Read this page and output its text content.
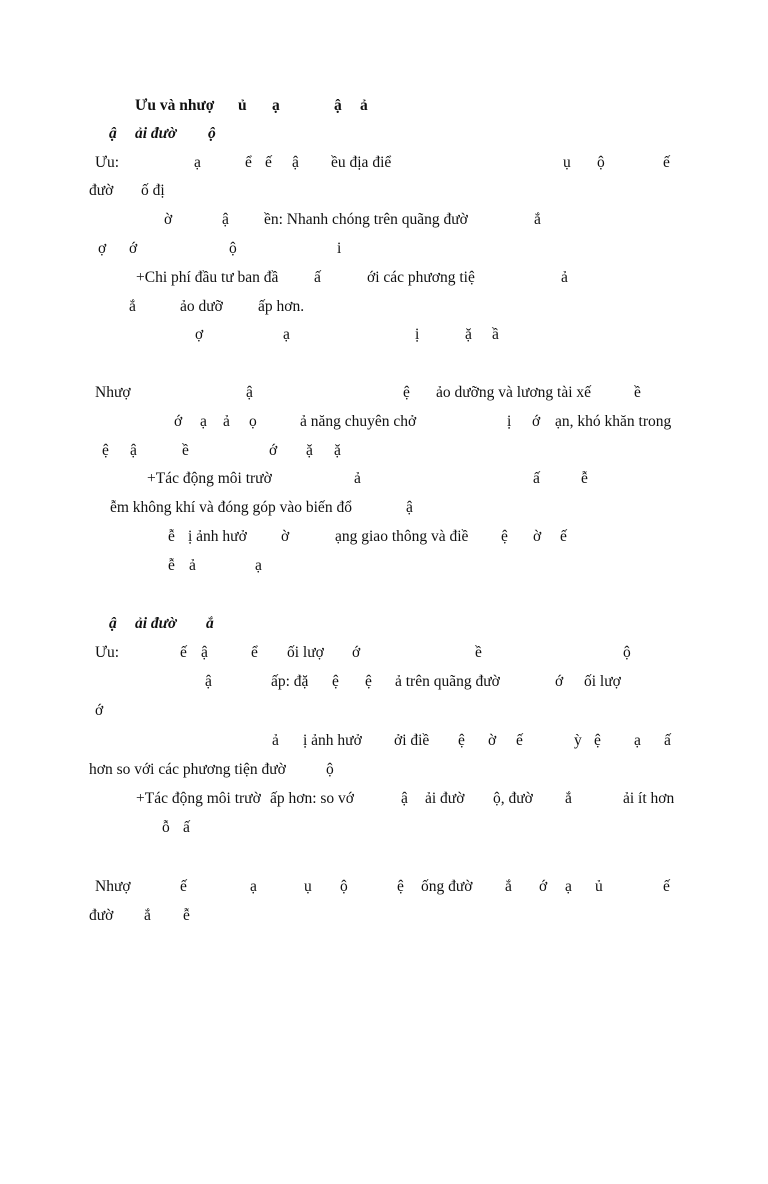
Ưu và nhượ

ủ

ạ

	ậ

ả

ậ

ải đườ

ộ

Ưu:

	ạ

	ể

ế

ậ

ều địa điể

	ụ

ộ

	ế

đườ

ố đị

ờ

	ậ

ền: Nhanh chóng trên quãng đườ

	ắ

ợ

ớ

	ộ

	i

+Chi phí đầu tư ban đầ

ấ

	ới các phương tiệ

	ả

ắ

	ảo dưỡ

ấp hơn.

ợ

	ạ

	ị

	ặ

ầ

Nhượ

	ậ

	ệ

ảo dưỡng và lương tài xế

	ề

ớ

ạ

ả

ọ

	ả năng chuyên chở

	ị

ớ

ạn, khó khăn trong

ệ

ậ

	ề

	ớ

ặ

ặ

+Tác động môi trườ

	ả

	ấ

	ễ

ễm không khí và đóng góp vào biến đổ

	ậ

ễ

ị ảnh hưở

ờ

	ạng giao thông và điề

ệ

ờ

ế

ễ

ả

	ạ

ậ

ải đườ

ắ

Ưu:

	ế

ậ

	ể

ối lượ

ớ

	ề

	ộ

ậ

	ấp: đặ

ệ

ệ

ả trên quãng đườ

	ớ

ối lượ

ớ

ả

ị ảnh hưở

ởi điề

ệ

ờ

ế

	ỳ

ệ

ạ

ấ

hơn so với các phương tiện đườ

	ộ

+Tác động môi trườ

ấp hơn: so vớ

	ậ

ải đườ

ộ, đườ

ắ

	ải ít hơn

ỗ

ấ

Nhượ

	ế

	ạ

	ụ

ộ

	ệ

ống đườ

ắ

ớ

ạ

ủ

	ế

đườ

ắ

ễ
